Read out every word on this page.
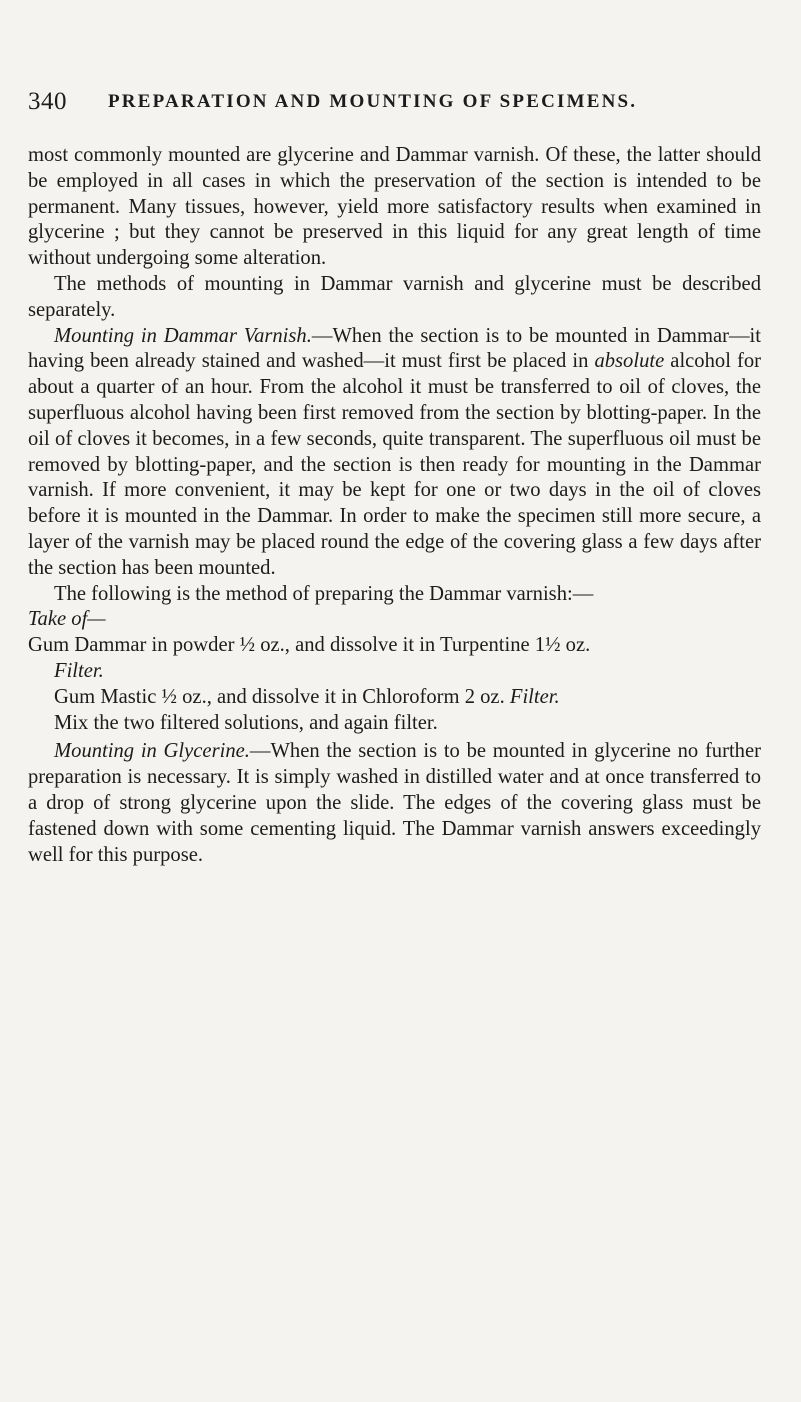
340 PREPARATION AND MOUNTING OF SPECIMENS.

most commonly mounted are glycerine and Dammar varnish. Of these, the latter should be employed in all cases in which the preservation of the section is intended to be permanent. Many tissues, however, yield more satisfactory results when examined in glycerine ; but they cannot be preserved in this liquid for any great length of time without undergoing some alteration.

The methods of mounting in Dammar varnish and glycerine must be described separately.

Mounting in Dammar Varnish.—When the section is to be mounted in Dammar—it having been already stained and washed—it must first be placed in absolute alcohol for about a quarter of an hour. From the alcohol it must be transferred to oil of cloves, the superfluous alcohol having been first removed from the section by blotting-paper. In the oil of cloves it becomes, in a few seconds, quite transparent. The superfluous oil must be removed by blotting-paper, and the section is then ready for mounting in the Dammar varnish. If more convenient, it may be kept for one or two days in the oil of cloves before it is mounted in the Dammar. In order to make the specimen still more secure, a layer of the varnish may be placed round the edge of the covering glass a few days after the section has been mounted.

The following is the method of preparing the Dammar varnish:—

Take of—

Gum Dammar in powder ½ oz., and dissolve it in Turpentine 1½ oz.
Filter.

Gum Mastic ½ oz., and dissolve it in Chloroform 2 oz. Filter.

Mix the two filtered solutions, and again filter.

Mounting in Glycerine.—When the section is to be mounted in glycerine no further preparation is necessary. It is simply washed in distilled water and at once transferred to a drop of strong glycerine upon the slide. The edges of the covering glass must be fastened down with some cementing liquid. The Dammar varnish answers exceedingly well for this purpose.
